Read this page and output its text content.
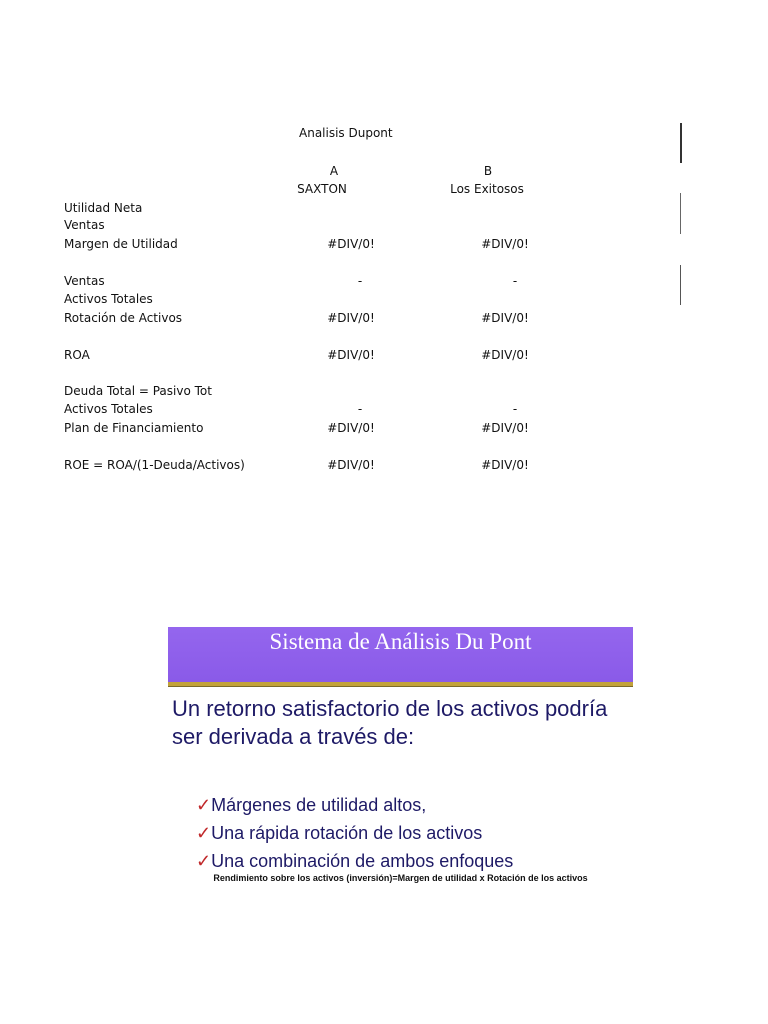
Analisis Dupont
A	B
SAXTON	Los Exitosos
Utilidad Neta
Ventas
Margen de Utilidad	#DIV/0!	#DIV/0!
Ventas	-	-
Activos Totales
Rotación de Activos	#DIV/0!	#DIV/0!
ROA	#DIV/0!	#DIV/0!
Deuda Total = Pasivo Tot
Activos Totales	-	-
Plan de Financiamiento	#DIV/0!	#DIV/0!
ROE = ROA/(1-Deuda/Activos)	#DIV/0!	#DIV/0!
Sistema de Análisis Du Pont
Un retorno satisfactorio de los activos podría ser derivada a través de:
✓Márgenes de utilidad altos,
✓Una rápida rotación de los activos
✓Una combinación de ambos enfoques
Rendimiento sobre los activos (inversión)=Margen de utilidad x Rotación de los activos
